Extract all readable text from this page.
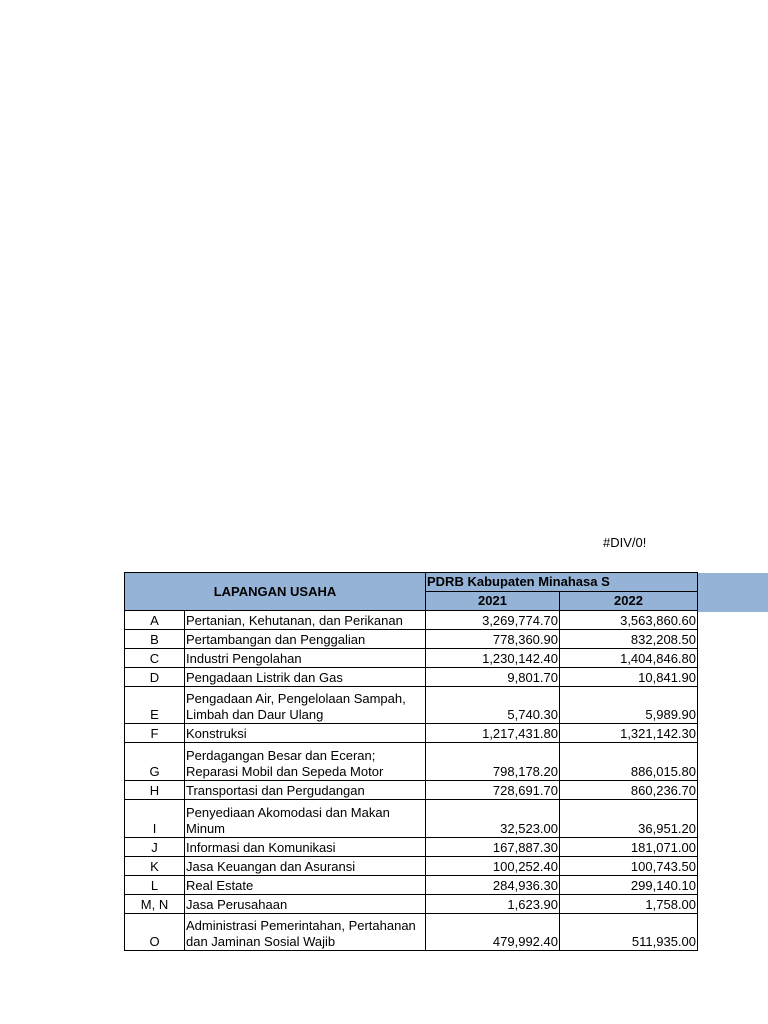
#DIV/0!
LAPANGAN USAHA		PDRB Kabupaten Minahasa S	
		2021	2022
A	Pertanian, Kehutanan, dan Perikanan	3,269,774.70	3,563,860.60
B	Pertambangan dan Penggalian	778,360.90	832,208.50
C	Industri Pengolahan	1,230,142.40	1,404,846.80
D	Pengadaan Listrik dan Gas	9,801.70	10,841.90
E	Pengadaan Air, Pengelolaan Sampah, Limbah dan Daur Ulang	5,740.30	5,989.90
F	Konstruksi	1,217,431.80	1,321,142.30
G	Perdagangan Besar dan Eceran; Reparasi Mobil dan Sepeda Motor	798,178.20	886,015.80
H	Transportasi dan Pergudangan	728,691.70	860,236.70
I	Penyediaan Akomodasi dan Makan Minum	32,523.00	36,951.20
J	Informasi dan Komunikasi	167,887.30	181,071.00
K	Jasa Keuangan dan Asuransi	100,252.40	100,743.50
L	Real Estate	284,936.30	299,140.10
M, N	Jasa Perusahaan	1,623.90	1,758.00
O	Administrasi Pemerintahan, Pertahanan dan Jaminan Sosial Wajib	479,992.40	511,935.00
